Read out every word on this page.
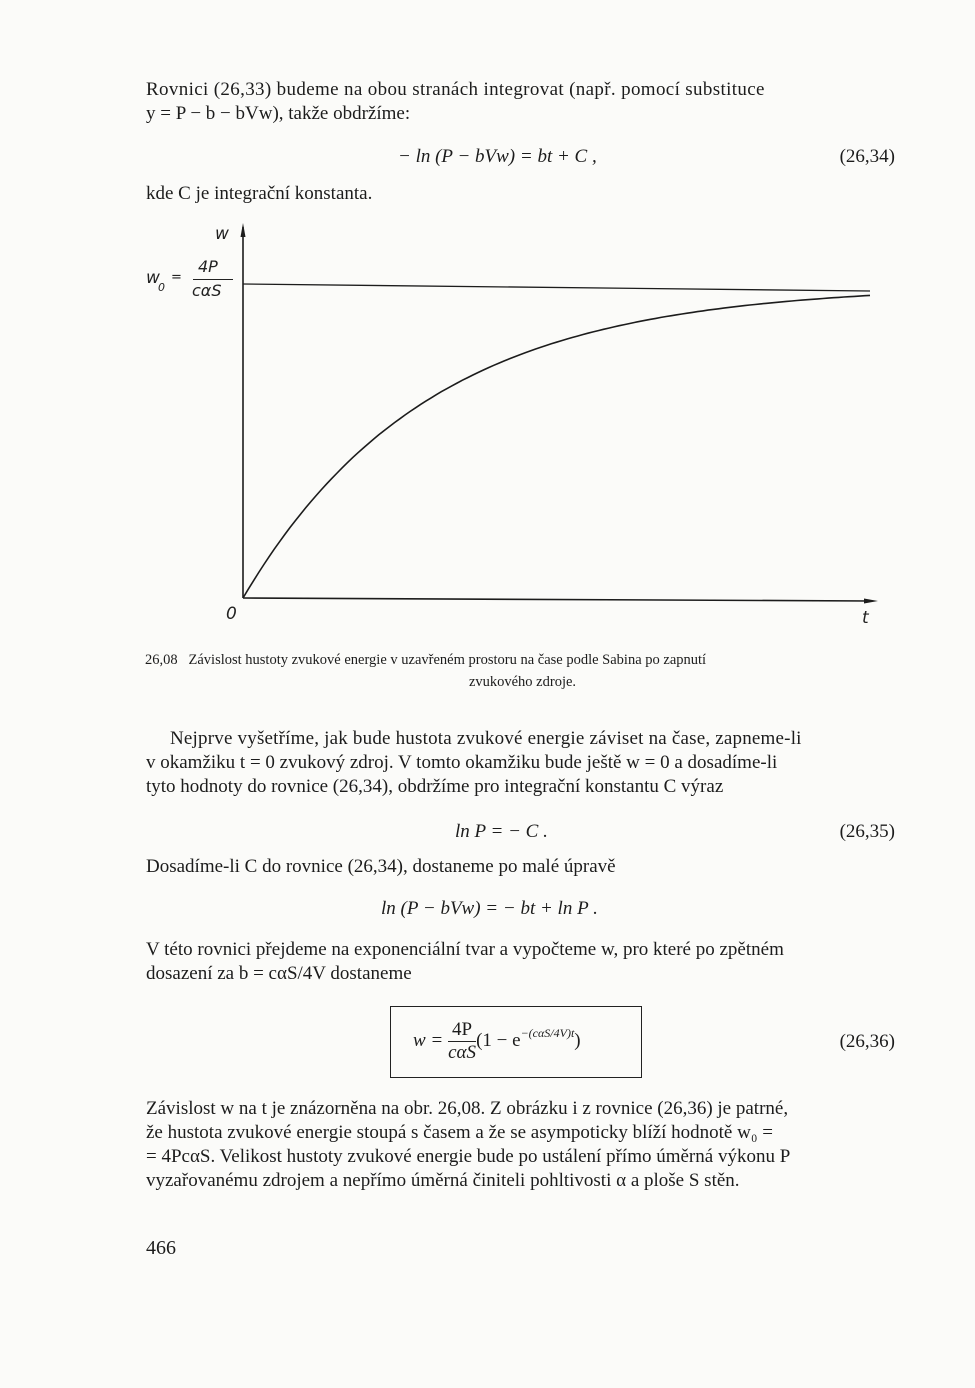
Rovnici (26,33) budeme na obou stranách integrovat (např. pomocí substituce
y = P − b − bVw), takže obdržíme:
− ln (P − bVw) = bt + C ,	(26,34)
kde C je integrační konstanta.
w
0	t
w
0
=
4P
cαS
26,08 Závislost hustoty zvukové energie v uzavřeném prostoru na čase podle Sabina po zapnutí
zvukového zdroje.
Nejprve vyšetříme, jak bude hustota zvukové energie záviset na čase, zapneme-li
v okamžiku t = 0 zvukový zdroj. V tomto okamžiku bude ještě w = 0 a dosadíme-li
tyto hodnoty do rovnice (26,34), obdržíme pro integrační konstantu C výraz
ln P = − C .	(26,35)
Dosadíme-li C do rovnice (26,34), dostaneme po malé úpravě
ln (P − bVw) = − bt + ln P .
V této rovnici přejdeme na exponenciální tvar a vypočteme w, pro které po zpětném
dosazení za b = cαS/4V dostaneme
$w = \frac{4P}{\text{cαS}} (1 - e^{-(c\alpha S/4V)t})$	(26,36)
Závislost w na t je znázorněna na obr. 26,08. Z obrázku i z rovnice (26,36) je patrné,
že hustota zvukové energie stoupá s časem a že se asympoticky blíží hodnotě w₀ =
= 4PcαS. Velikost hustoty zvukové energie bude po ustálení přímo úměrná výkonu P
vyzařovanému zdrojem a nepřímo úměrná činiteli pohltivosti α a ploše S stěn.
466
